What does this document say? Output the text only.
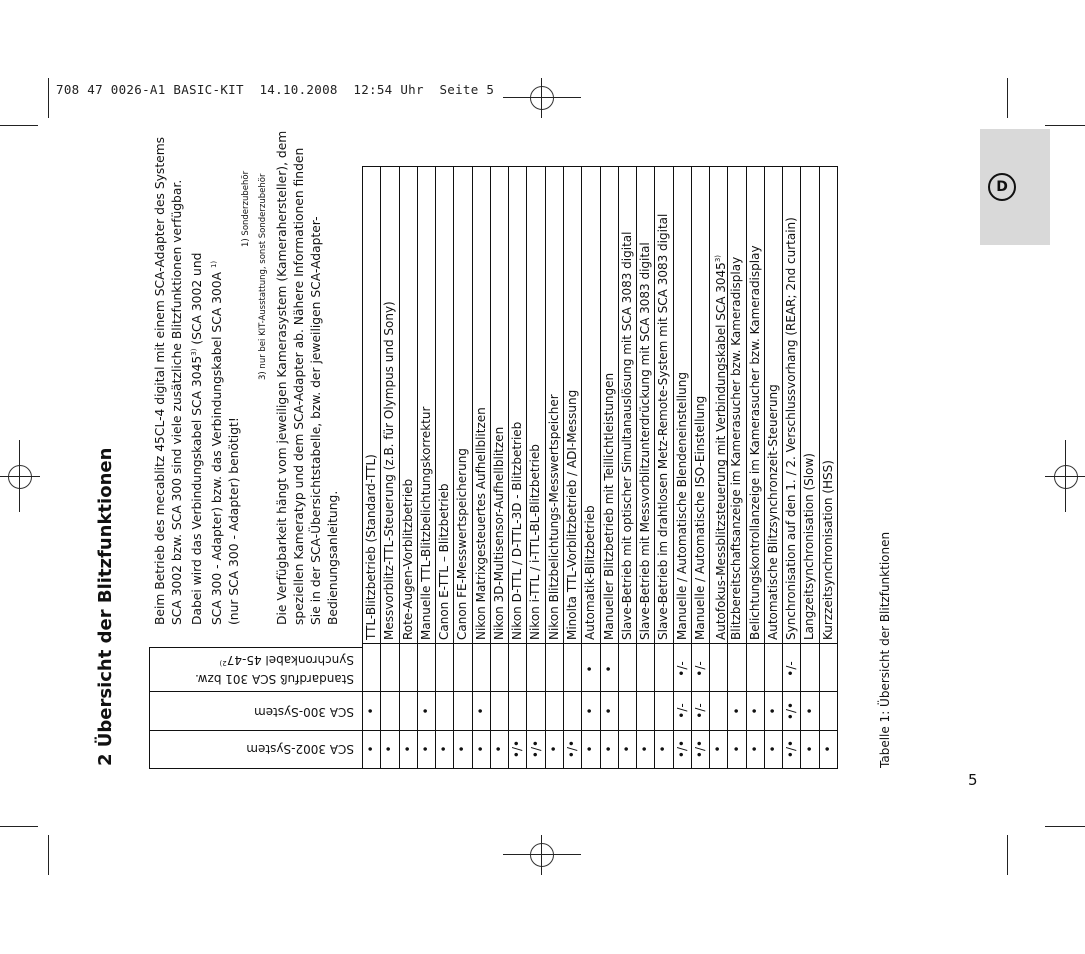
708 47 0026-A1 BASIC-KIT  14.10.2008  12:54 Uhr  Seite 5
D
5
2 Übersicht der Blitzfunktionen	Tabelle 1: Übersicht der Blitzfunktionen
Beim Betrieb des mecablitz 45CL-4 digital mit einem SCA-Adapter des Systems SCA 3002 bzw. SCA 300 sind viele zusätzliche Blitzfunktionen verfügbar. Dabei wird das Verbindungskabel SCA 3045$^{3)}$ (SCA 3002 und SCA 300 - Adapter) bzw. das Verbindungskabel SCA 300A $^{1)}$
(nur SCA 300 - Adapter) benötigt!
1) Sonderzubehör 3) nur bei KIT-Ausstattung, sonst Sonderzubehör Die Verfügbarkeit hängt vom jeweiligen Kamerasystem (Kamerahersteller), dem speziellen Kameratyp und dem SCA-Adapter ab. Nähere Informationen finden Sie in der SCA-Übersichtstabelle, bzw. der jeweiligen SCA-Adapter- Bedienungsanleitung.
SCA 3002-System
SCA 300-System
Standardfuß SCA 301 bzw.
Synchronkabel 45-47$^{2)}$
TTL-Blitzbetrieb (Standard-TTL)
•
•
Messvorblitz-TTL-Steuerung (z.B. für Olympus und Sony)
•
Rote-Augen-Vorblitzbetrieb
•
Manuelle TTL-Blitzbelichtungskorrektur
•
•
Canon E-TTL – Blitzbetrieb
•
Canon FE-Messwertspeicherung
•
Nikon Matrixgesteuertes Aufhellblitzen
•
•
Nikon 3D-Multisensor-Aufhellblitzen
•
Nikon D-TTL / D-TTL-3D - Blitzbetrieb
•/•
Nikon i-TTL / i-TTL-BL-Blitzbetrieb
•/•
Nikon Blitzbelichtungs-Messwertspeicher
•
Minolta TTL-Vorblitzbetrieb / ADI-Messung
•/•
Automatik-Blitzbetrieb
•
•
•
Manueller Blitzbetrieb mit Teillichtleistungen
•
•
•
Slave-Betrieb mit optischer Simultanauslösung mit SCA 3083 digital
•
Slave-Betrieb mit Messvorblitzunterdrückung mit SCA 3083 digital
•
Slave-Betrieb im drahtlosen Metz-Remote-System mit SCA 3083 digital
•
Manuelle / Automatische Blendeneinstellung
•/•
•/-
•/-
Manuelle / Automatische ISO-Einstellung
•/•
•/-
•/-
Autofokus-Messblitzsteuerung mit Verbindungskabel SCA 3045$^{3)}$
•
Blitzbereitschaftsanzeige im Kamerasucher bzw. Kameradisplay
•
•
Belichtungskontrollanzeige im Kamerasucher bzw. Kameradisplay
•
•
Automatische Blitzsynchronzeit-Steuerung
•
•
Synchronisation auf den 1. / 2. Verschlussvorhang (REAR; 2nd curtain)
•/•
•/•
•/-
Langzeitsynchronisation (Slow)
•
•
Kurzzeitsynchronisation (HSS)
•
